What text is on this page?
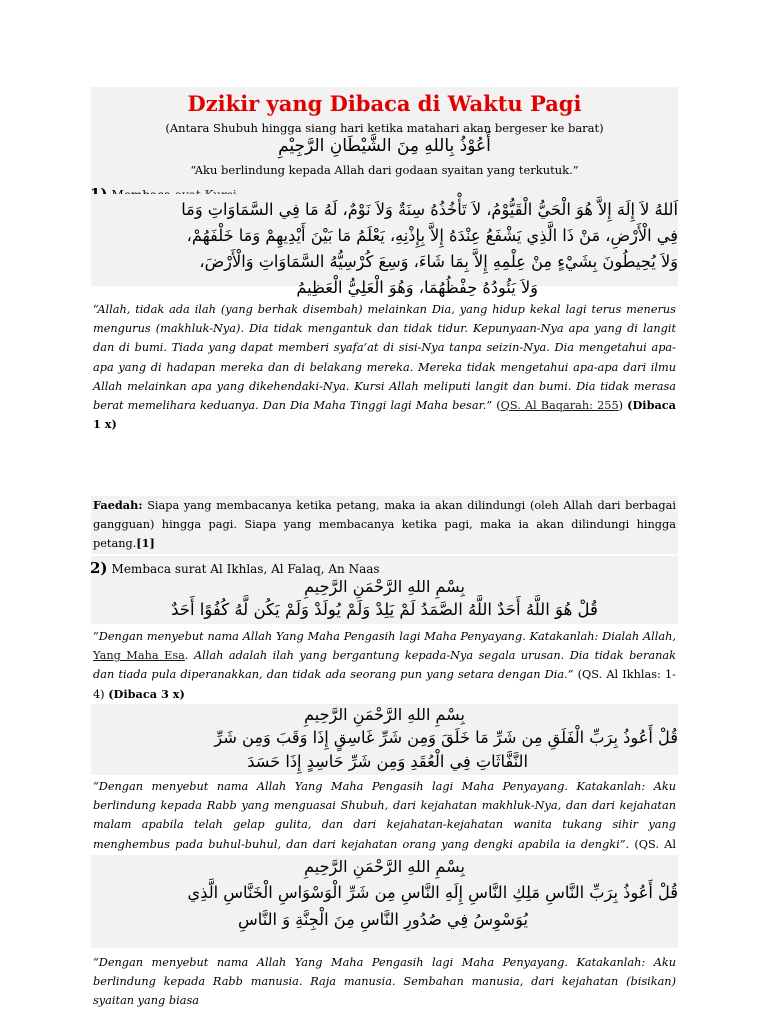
Dzikir yang Dibaca di Waktu Pagi
(Antara Shubuh hingga siang hari ketika matahari akan bergeser ke barat)
أَعُوْذُ بِاللهِ مِنَ الشَّيْطَانِ الرَّجِيْمِ
“Aku berlindung kepada Allah dari godaan syaitan yang terkutuk.”
اَللهُ لاَ إِلَهَ إِلاَّ هُوَ الْحَيُّ الْقَيُّوْمُ، لاَ تَأْخُذُهُ سِنَةٌ وَلاَ نَوْمٌ، لَهُ مَا فِي السَّمَاوَاتِ وَمَا
فِي الْأَرْضِ، مَنْ ذَا الَّذِي يَشْفَعُ عِنْدَهُ إِلاَّ بِإِذْنِهِ، يَعْلَمُ مَا بَيْنَ أَيْدِيهِمْ وَمَا خَلْفَهُمْ،
وَلاَ يُحِيطُونَ بِشَيْءٍ مِنْ عِلْمِهِ إِلاَّ بِمَا شَاءَ، وَسِعَ كُرْسِيُّهُ السَّمَاوَاتِ وَالْأَرْضَ،
وَلاَ يَئُودُهُ حِفْظُهُمَا، وَهُوَ الْعَلِيُّ الْعَظِيمُ
“Allah, tidak ada ilah (yang berhak disembah) melainkan Dia, yang hidup kekal lagi terus menerus mengurus (makhluk-Nya). Dia tidak mengantuk dan tidak tidur. Kepunyaan-Nya apa yang di langit dan di bumi. Tiada yang dapat memberi syafa’at di sisi-Nya tanpa seizin-Nya. Dia mengetahui apa-apa yang di hadapan mereka dan di belakang mereka. Mereka tidak mengetahui apa-apa dari ilmu Allah melainkan apa yang dikehendaki-Nya. Kursi Allah meliputi langit dan bumi. Dia tidak merasa berat memelihara keduanya. Dan Dia Maha Tinggi lagi Maha besar.” (QS. Al Baqarah: 255) (Dibaca 1 x)
Faedah: Siapa yang membacanya ketika petang, maka ia akan dilindungi (oleh Allah dari berbagai gangguan) hingga pagi. Siapa yang membacanya ketika pagi, maka ia akan dilindungi hingga petang.[1]
2) Membaca surat Al Ikhlas, Al Falaq, An Naas
بِسْمِ اللهِ الرَّحْمَنِ الرَّحِيمِ
قُلْ هُوَ اللَّهُ أَحَدٌ اللَّهُ الصَّمَدُ لَمْ يَلِدْ وَلَمْ يُولَدْ وَلَمْ يَكُن لَّهُ كُفُوًا أَحَدٌ
“Dengan menyebut nama Allah Yang Maha Pengasih lagi Maha Penyayang. Katakanlah: Dialah Allah, Yang Maha Esa. Allah adalah ilah yang bergantung kepada-Nya segala urusan. Dia tidak beranak dan tiada pula diperanakkan, dan tidak ada seorang pun yang setara dengan Dia.” (QS. Al Ikhlas: 1-4) (Dibaca 3 x)
بِسْمِ اللهِ الرَّحْمَنِ الرَّحِيمِ
قُلْ أَعُوذُ بِرَبِّ الْفَلَقِ مِن شَرِّ مَا خَلَقَ وَمِن شَرِّ غَاسِقٍ إِذَا وَقَبَ وَمِن شَرِّ
النَّفَّاثَاتِ فِي الْعُقَدِ وَمِن شَرِّ حَاسِدٍ إِذَا حَسَدَ
“Dengan menyebut nama Allah Yang Maha Pengasih lagi Maha Penyayang. Katakanlah: Aku berlindung kepada Rabb yang menguasai Shubuh, dari kejahatan makhluk-Nya, dan dari kejahatan malam apabila telah gelap gulita, dan dari kejahatan-kejahatan wanita tukang sihir yang menghembus pada buhul-buhul, dan dari kejahatan orang yang dengki apabila ia dengki”. (QS. Al
بِسْمِ اللهِ الرَّحْمَنِ الرَّحِيمِ
قُلْ أَعُوذُ بِرَبِّ النَّاسِ مَلِكِ النَّاسِ إِلَهِ النَّاسِ مِن شَرِّ الْوَسْوَاسِ الْخَنَّاسِ الَّذِي
يُوَسْوِسُ فِي صُدُورِ النَّاسِ مِنَ الْجِنَّةِ وَ النَّاسِ
“Dengan menyebut nama Allah Yang Maha Pengasih lagi Maha Penyayang. Katakanlah: Aku berlindung kepada Rabb manusia. Raja manusia. Sembahan manusia, dari kejahatan (bisikan) syaitan yang biasa
